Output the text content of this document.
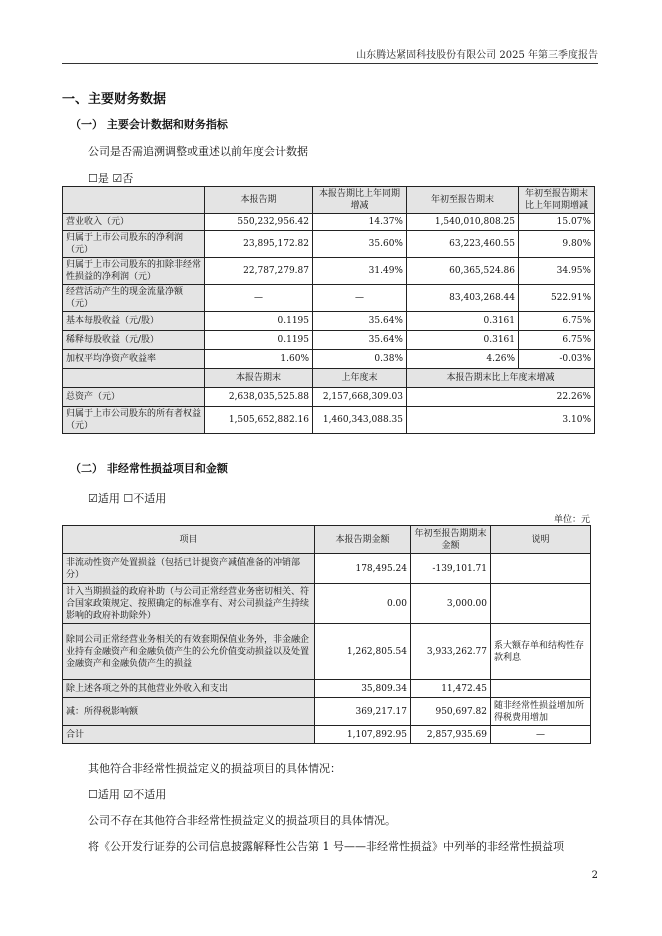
山东腾达紧固科技股份有限公司 2025 年第三季度报告
一、主要财务数据
（一） 主要会计数据和财务指标
公司是否需追溯调整或重述以前年度会计数据
☐是 ☑否
	本报告期	本报告期比上年同期增减	年初至报告期末	年初至报告期末比上年同期增减
营业收入（元）	550,232,956.42	14.37%	1,540,010,808.25	15.07%
归属于上市公司股东的净利润（元）	23,895,172.82	35.60%	63,223,460.55	9.80%
归属于上市公司股东的扣除非经常性损益的净利润（元）	22,787,279.87	31.49%	60,365,524.86	34.95%
经营活动产生的现金流量净额（元）	—	—	83,403,268.44	522.91%
基本每股收益（元/股）	0.1195	35.64%	0.3161	6.75%
稀释每股收益（元/股）	0.1195	35.64%	0.3161	6.75%
加权平均净资产收益率	1.60%	0.38%	4.26%	-0.03%
	本报告期末	上年度末	本报告期末比上年度末增减	
总资产（元）	2,638,035,525.88	2,157,668,309.03	22.26%	
归属于上市公司股东的所有者权益（元）	1,505,652,882.16	1,460,343,088.35	3.10%	
（二） 非经常性损益项目和金额
☑适用 ☐不适用
单位：元
项目	本报告期金额	年初至报告期期末金额	说明
非流动性资产处置损益（包括已计提资产减值准备的冲销部分）	178,495.24	-139,101.71	
计入当期损益的政府补助（与公司正常经营业务密切相关、符合国家政策规定、按照确定的标准享有、对公司损益产生持续影响的政府补助除外）	0.00	3,000.00	
除同公司正常经营业务相关的有效套期保值业务外，非金融企业持有金融资产和金融负债产生的公允价值变动损益以及处置金融资产和金融负债产生的损益	1,262,805.54	3,933,262.77	系大额存单和结构性存款利息
除上述各项之外的其他营业外收入和支出	35,809.34	11,472.45	
减：所得税影响额	369,217.17	950,697.82	随非经常性损益增加所得税费用增加
合计	1,107,892.95	2,857,935.69	—
其他符合非经常性损益定义的损益项目的具体情况：
☐适用 ☑不适用
公司不存在其他符合非经常性损益定义的损益项目的具体情况。
将《公开发行证券的公司信息披露解释性公告第 1 号——非经常性损益》中列举的非经常性损益项
2
